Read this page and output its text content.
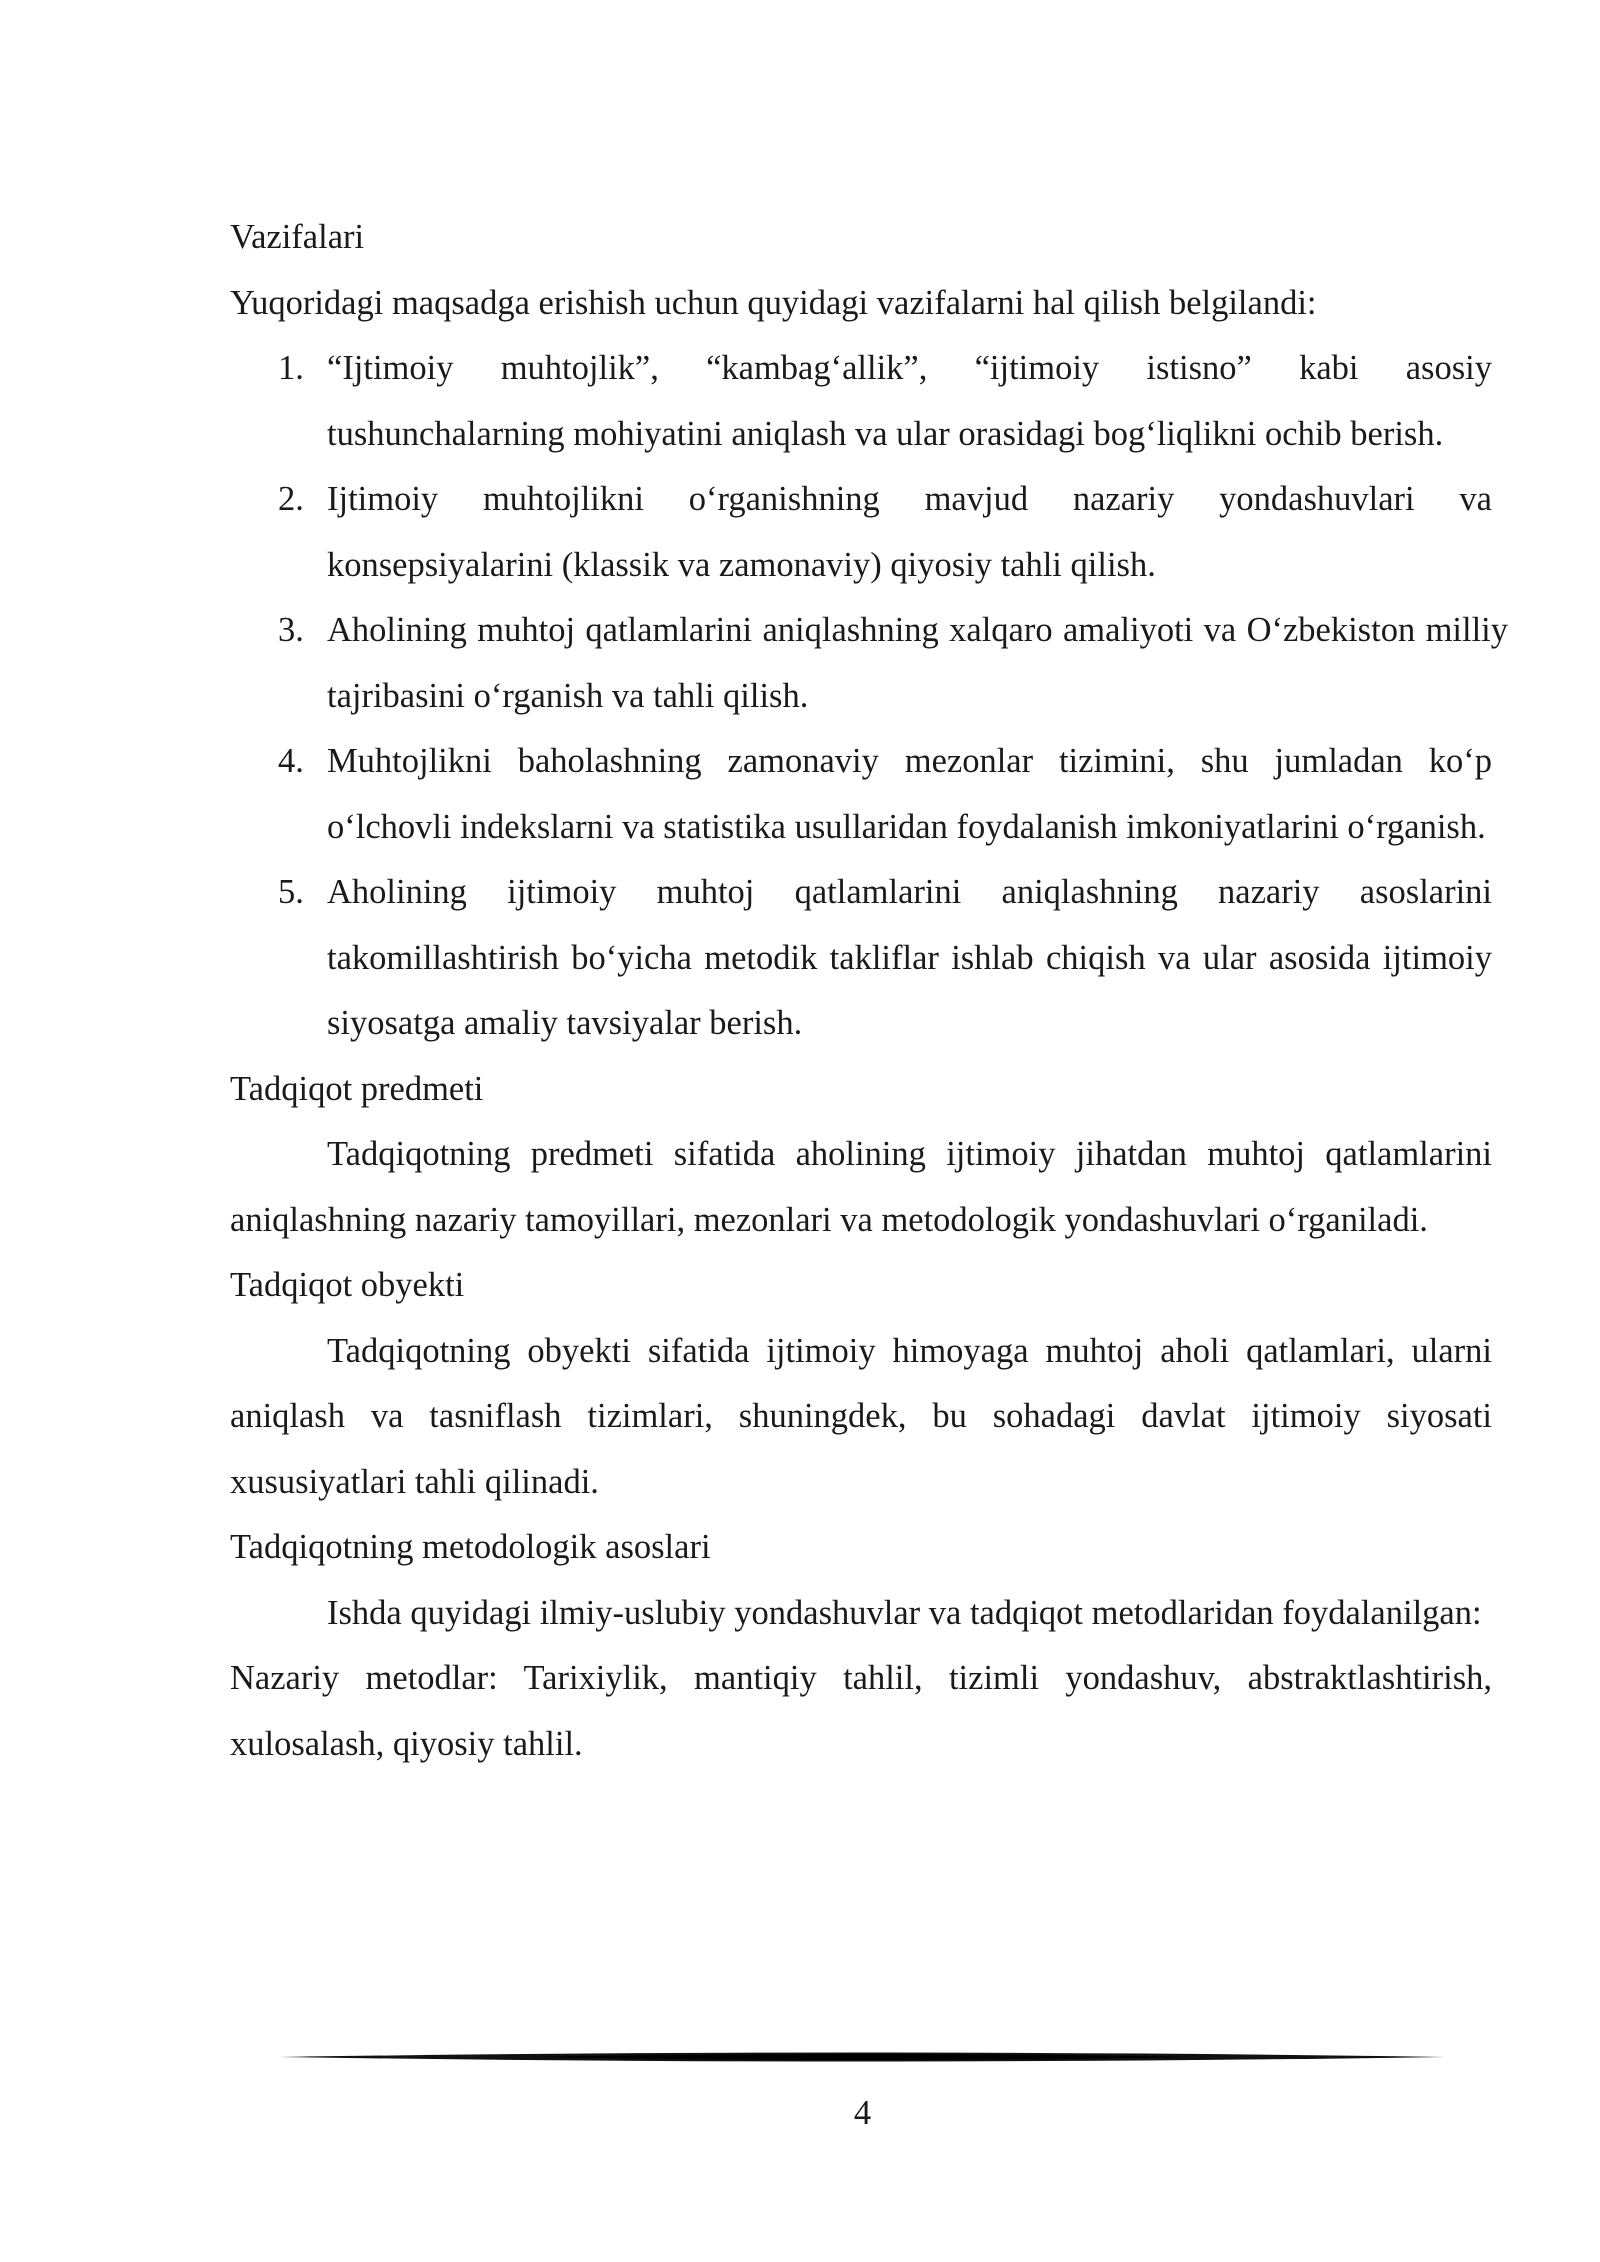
Vazifalari

Yuqoridagi maqsadga erishish uchun quyidagi vazifalarni hal qilish belgilandi:

1. “Ijtimoiy muhtojlik”, “kambag‘allik”, “ijtimoiy istisno” kabi asosiy tushunchalarning mohiyatini aniqlash va ular orasidagi bog‘liqlikni ochib berish.
2. Ijtimoiy muhtojlikni o‘rganishning mavjud nazariy yondashuvlari va konsepsiyalarini (klassik va zamonaviy) qiyosiy tahli qilish.
3. Aholining muhtoj qatlamlarini aniqlashning xalqaro amaliyoti va O‘zbekiston milliy tajribasini o‘rganish va tahli qilish.
4. Muhtojlikni baholashning zamonaviy mezonlar tizimini, shu jumladan ko‘p o‘lchovli indekslarni va statistika usullaridan foydalanish imkoniyatlarini o‘rganish.
5. Aholining ijtimoiy muhtoj qatlamlarini aniqlashning nazariy asoslarini takomillashtirish bo‘yicha metodik takliflar ishlab chiqish va ular asosida ijtimoiy siyosatga amaliy tavsiyalar berish.

Tadqiqot predmeti

Tadqiqotning predmeti sifatida aholining ijtimoiy jihatdan muhtoj qatlamlarini aniqlashning nazariy tamoyillari, mezonlari va metodologik yondashuvlari o‘rganiladi.

Tadqiqot obyekti

Tadqiqotning obyekti sifatida ijtimoiy himoyaga muhtoj aholi qatlamlari, ularni aniqlash va tasniflash tizimlari, shuningdek, bu sohadagi davlat ijtimoiy siyosati xususiyatlari tahli qilinadi.

Tadqiqotning metodologik asoslari

Ishda quyidagi ilmiy-uslubiy yondashuvlar va tadqiqot metodlaridan foydalanilgan:

Nazariy metodlar: Tarixiylik, mantiqiy tahlil, tizimli yondashuv, abstraktlashtirish, xulosalash, qiyosiy tahlil.

4
